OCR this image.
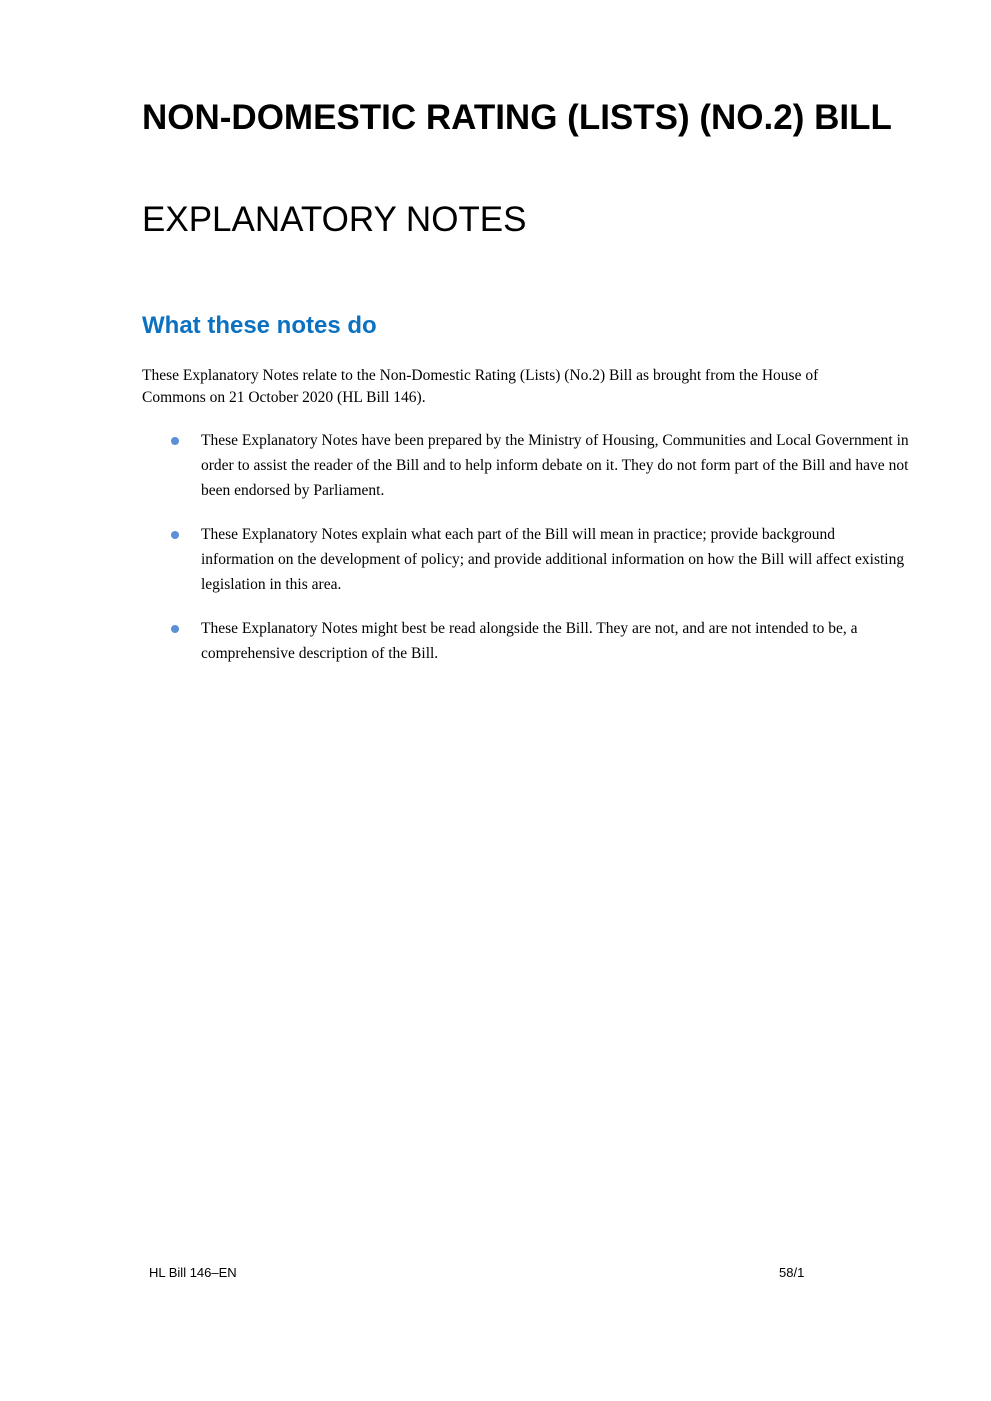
NON-DOMESTIC RATING (LISTS) (NO.2) BILL
EXPLANATORY NOTES
What these notes do

These Explanatory Notes relate to the Non-Domestic Rating (Lists) (No.2) Bill as brought from the House of Commons on 21 October 2020 (HL Bill 146).

These Explanatory Notes have been prepared by the Ministry of Housing, Communities and Local Government in order to assist the reader of the Bill and to help inform debate on it. They do not form part of the Bill and have not been endorsed by Parliament.
These Explanatory Notes explain what each part of the Bill will mean in practice; provide background information on the development of policy; and provide additional information on how the Bill will affect existing legislation in this area.
These Explanatory Notes might best be read alongside the Bill. They are not, and are not intended to be, a comprehensive description of the Bill.
HL Bill 146–EN	58/1
